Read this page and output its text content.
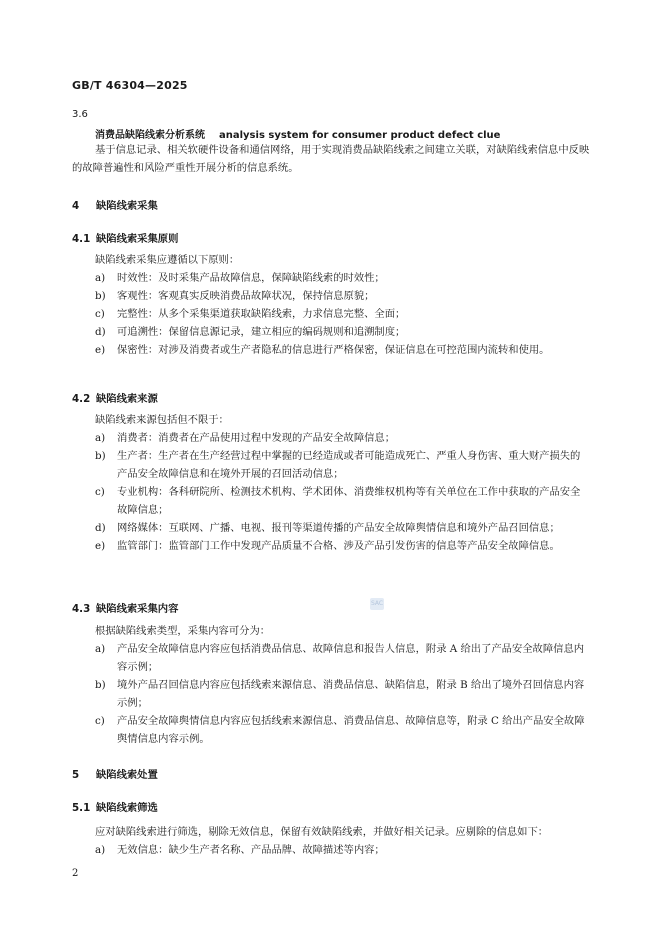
GB/T 46304—2025
3.6
消费品缺陷线索分析系统 analysis system for consumer product defect clue
基于信息记录、相关软硬件设备和通信网络，用于实现消费品缺陷线索之间建立关联，对缺陷线索信息中反映的故障普遍性和风险严重性开展分析的信息系统。
4 缺陷线索采集
4.1 缺陷线索采集原则
缺陷线索采集应遵循以下原则：
a) 时效性：及时采集产品故障信息，保障缺陷线索的时效性；
b) 客观性：客观真实反映消费品故障状况，保持信息原貌；
c) 完整性：从多个采集渠道获取缺陷线索，力求信息完整、全面；
d) 可追溯性：保留信息源记录，建立相应的编码规则和追溯制度；
e) 保密性：对涉及消费者或生产者隐私的信息进行严格保密，保证信息在可控范围内流转和使用。
4.2 缺陷线索来源
缺陷线索来源包括但不限于：
a) 消费者：消费者在产品使用过程中发现的产品安全故障信息；
b) 生产者：生产者在生产经营过程中掌握的已经造成或者可能造成死亡、严重人身伤害、重大财产损失的产品安全故障信息和在境外开展的召回活动信息；
c) 专业机构：各科研院所、检测技术机构、学术团体、消费维权机构等有关单位在工作中获取的产品安全故障信息；
d) 网络媒体：互联网、广播、电视、报刊等渠道传播的产品安全故障舆情信息和境外产品召回信息；
e) 监管部门：监管部门工作中发现产品质量不合格、涉及产品引发伤害的信息等产品安全故障信息。
4.3 缺陷线索采集内容	SAC
根据缺陷线索类型，采集内容可分为：
a) 产品安全故障信息内容应包括消费品信息、故障信息和报告人信息，附录 A 给出了产品安全故障信息内容示例；
b) 境外产品召回信息内容应包括线索来源信息、消费品信息、缺陷信息，附录 B 给出了境外召回信息内容示例；
c) 产品安全故障舆情信息内容应包括线索来源信息、消费品信息、故障信息等，附录 C 给出产品安全故障舆情信息内容示例。
5 缺陷线索处置
5.1 缺陷线索筛选
应对缺陷线索进行筛选，剔除无效信息，保留有效缺陷线索，并做好相关记录。应剔除的信息如下：
a) 无效信息：缺少生产者名称、产品品牌、故障描述等内容；
2
